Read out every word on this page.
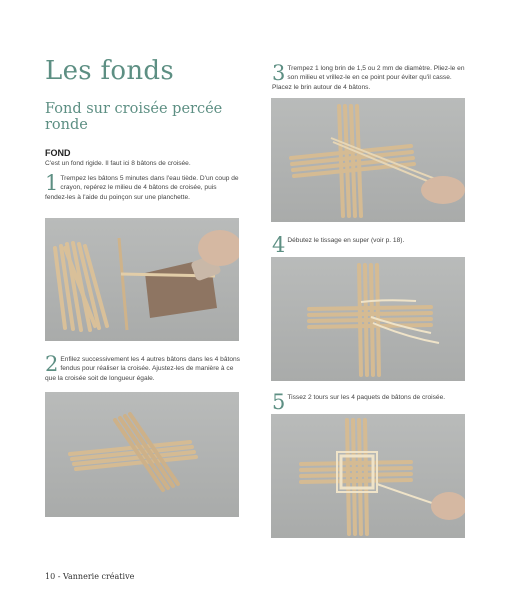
Les fonds
Fond sur croisée percée ronde
FOND
C'est un fond rigide. Il faut ici 8 bâtons de croisée.
1 Trempez les bâtons 5 minutes dans l'eau tiède. D'un coup de crayon, repérez le milieu de 4 bâtons de croisée, puis fendez-les à l'aide du poinçon sur une planchette.
2 Enfilez successivement les 4 autres bâtons dans les 4 bâtons fendus pour réaliser la croisée. Ajustez-les de manière à ce que la croisée soit de longueur égale.
3 Trempez 1 long brin de 1,5 ou 2 mm de diamètre. Pliez-le en son milieu et vrillez-le en ce point pour éviter qu'il casse. Placez le brin autour de 4 bâtons.
4 Débutez le tissage en super (voir p. 18).
5 Tissez 2 tours sur les 4 paquets de bâtons de croisée.
10 - Vannerie créative
